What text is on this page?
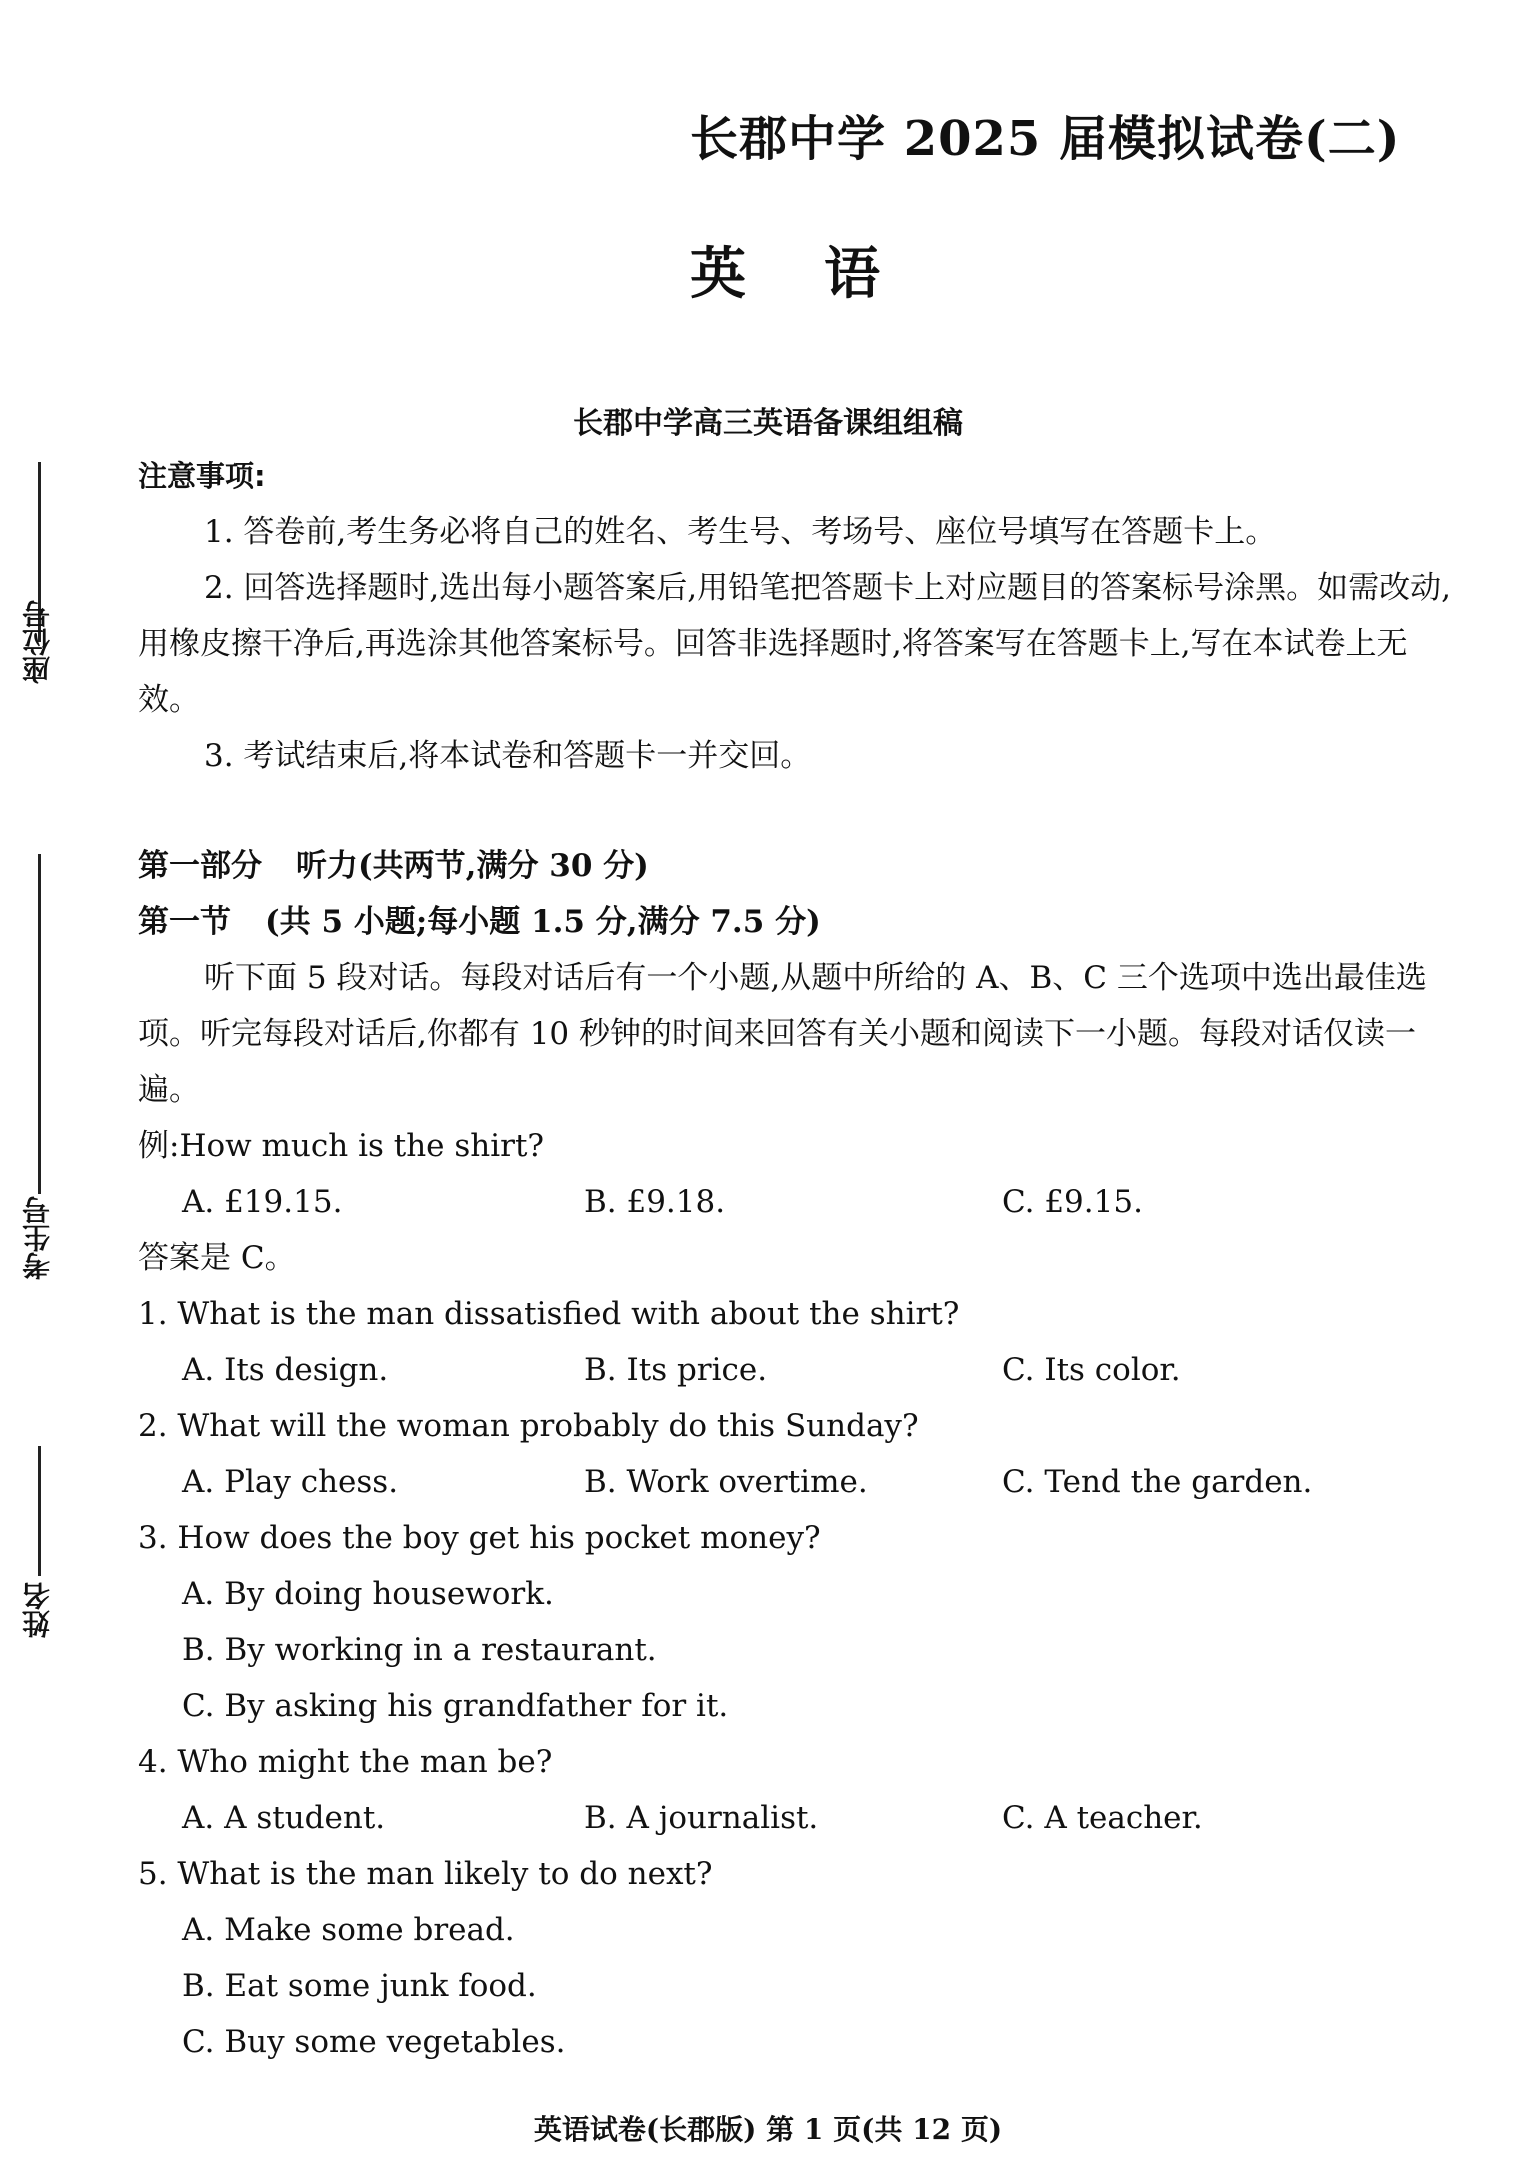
长郡中学 2025 届模拟试卷(二)
英语
长郡中学高三英语备课组组稿
座位号
考生号
姓名

注意事项:

1. 答卷前,考生务必将自己的姓名、考生号、考场号、座位号填写在答题卡上。

2. 回答选择题时,选出每小题答案后,用铅笔把答题卡上对应题目的答案标号涂黑。如需改动,用橡皮擦干净后,再选涂其他答案标号。回答非选择题时,将答案写在答题卡上,写在本试卷上无效。

3. 考试结束后,将本试卷和答题卡一并交回。

第一部分 听力(共两节,满分 30 分)

第一节 (共 5 小题;每小题 1.5 分,满分 7.5 分)

听下面 5 段对话。每段对话后有一个小题,从题中所给的 A、B、C 三个选项中选出最佳选项。听完每段对话后,你都有 10 秒钟的时间来回答有关小题和阅读下一小题。每段对话仅读一遍。

例:How much is the shirt?

A. £19.15.	B. £9.18.	C. £9.15.

答案是 C。

1. What is the man dissatisfied with about the shirt?

A. Its design.	B. Its price.	C. Its color.

2. What will the woman probably do this Sunday?

A. Play chess.	B. Work overtime.	C. Tend the garden.

3. How does the boy get his pocket money?

A. By doing housework.

B. By working in a restaurant.

C. By asking his grandfather for it.

4. Who might the man be?

A. A student.	B. A journalist.	C. A teacher.

5. What is the man likely to do next?

A. Make some bread.

B. Eat some junk food.

C. Buy some vegetables.

英语试卷(长郡版) 第 1 页(共 12 页)
